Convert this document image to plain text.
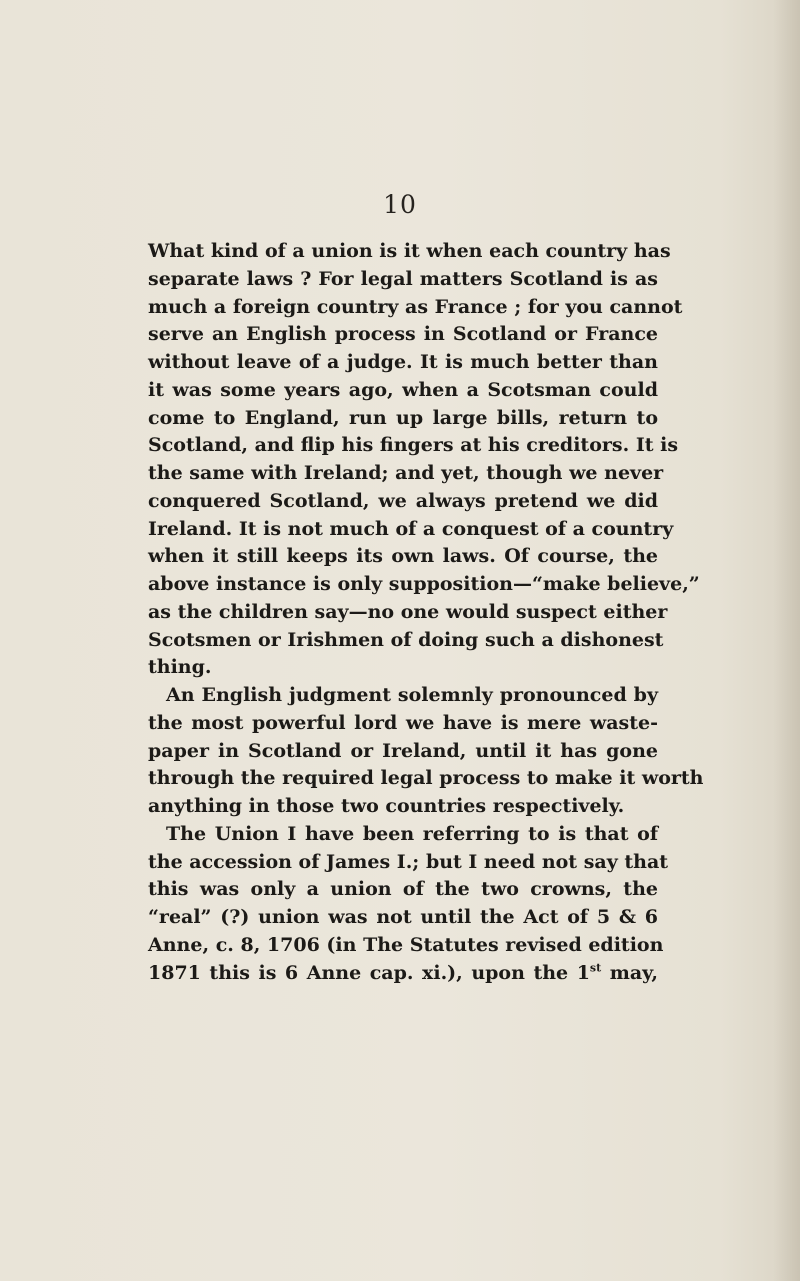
10
What kind of a union is it when each country has
separate laws ? For legal matters Scotland is as
much a foreign country as France ; for you cannot
serve an English process in Scotland or France
without leave of a judge. It is much better than
it was some years ago, when a Scotsman could
come to England, run up large bills, return to
Scotland, and flip his fingers at his creditors. It is
the same with Ireland; and yet, though we never
conquered Scotland, we always pretend we did
Ireland. It is not much of a conquest of a country
when it still keeps its own laws. Of course, the
above instance is only supposition—“make believe,”
as the children say—no one would suspect either
Scotsmen or Irishmen of doing such a dishonest
thing.
An English judgment solemnly pronounced by
the most powerful lord we have is mere waste-
paper in Scotland or Ireland, until it has gone
through the required legal process to make it worth
anything in those two countries respectively.
The Union I have been referring to is that of
the accession of James I.; but I need not say that
this was only a union of the two crowns, the
“real” (?) union was not until the Act of 5 & 6
Anne, c. 8, 1706 (in The Statutes revised edition
1871 this is 6 Anne cap. xi.), upon the 1st may,
